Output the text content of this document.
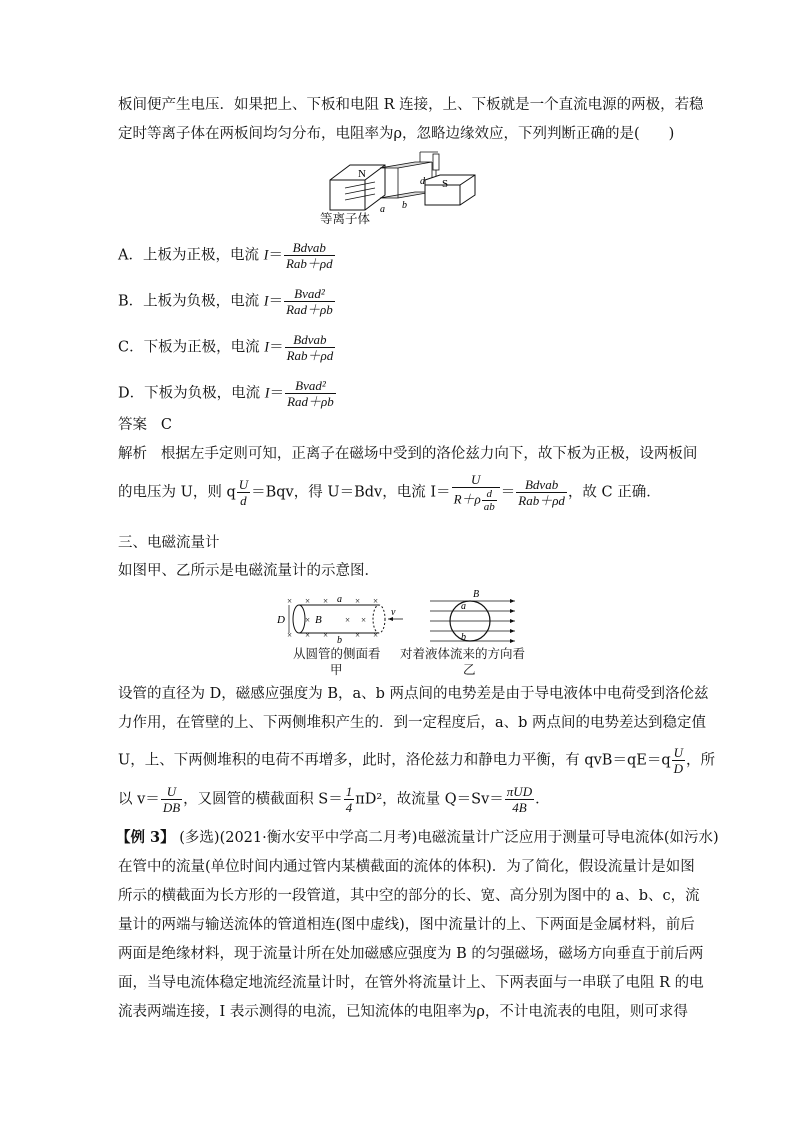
板间便产生电压．如果把上、下板和电阻 R 连接，上、下板就是一个直流电源的两极，若稳
定时等离子体在两板间均匀分布，电阻率为ρ，忽略边缘效应，下列判断正确的是(　　)
N
S
d
a b
等离子体
A．上板为正极，电流 $I= \frac{\text{Bdvab}}{\text{Rab＋ρd}}$
B．上板为负极，电流 $I= \frac{\text{Bvad²}}{\text{Rad＋ρb}}$
C．下板为正极，电流 $I= \frac{\text{Bdvab}}{\text{Rab＋ρd}}$
D．下板为负极，电流 $I= \frac{\text{Bvad²}}{\text{Rad＋ρb}}$
答案 C
解析 根据左手定则可知，正离子在磁场中受到的洛伦兹力向下，故下板为正极，设两板间
的电压为 U，则 q $\frac{U}{d} =Bqv$，得 U＝Bdv，电流 $I= \frac{U}{R+\rho \frac{d}{ab}} = \frac{\text{Bdvab}}{\text{Rab＋ρd}}$ ，故 C 正确．
三、电磁流量计
如图甲、乙所示是电磁流量计的示意图．
× × ×	× ×
× × ×	× ×
×	× ×
D	B
a
b
v
从圆管的侧面看
甲
B
a
b
对着液体流来的方向看
乙
设管的直径为 D，磁感应强度为 B，a、b 两点间的电势差是由于导电液体中电荷受到洛伦兹
力作用，在管壁的上、下两侧堆积产生的．到一定程度后，a、b 两点间的电势差达到稳定值
U，上、下两侧堆积的电荷不再增多，此时，洛伦兹力和静电力平衡，有 $qvB=qE=q \frac{U}{D}$ ，所
以 $v= \frac{U}{DB}$ ，又圆管的横截面积 $S= \frac{1}{4} \pi D^2$，故流量 $Q=Sv= \frac{\text{πUD}}{4B}$ ．
【例 3】 (多选)(2021·衡水安平中学高二月考)电磁流量计广泛应用于测量可导电流体(如污水)
在管中的流量(单位时间内通过管内某横截面的流体的体积)．为了简化，假设流量计是如图
所示的横截面为长方形的一段管道，其中空的部分的长、宽、高分别为图中的 a、b、c，流
量计的两端与输送流体的管道相连(图中虚线)，图中流量计的上、下两面是金属材料，前后
两面是绝缘材料，现于流量计所在处加磁感应强度为 B 的匀强磁场，磁场方向垂直于前后两
面，当导电流体稳定地流经流量计时，在管外将流量计上、下两表面与一串联了电阻 R 的电
流表两端连接，I 表示测得的电流，已知流体的电阻率为ρ，不计电流表的电阻，则可求得
